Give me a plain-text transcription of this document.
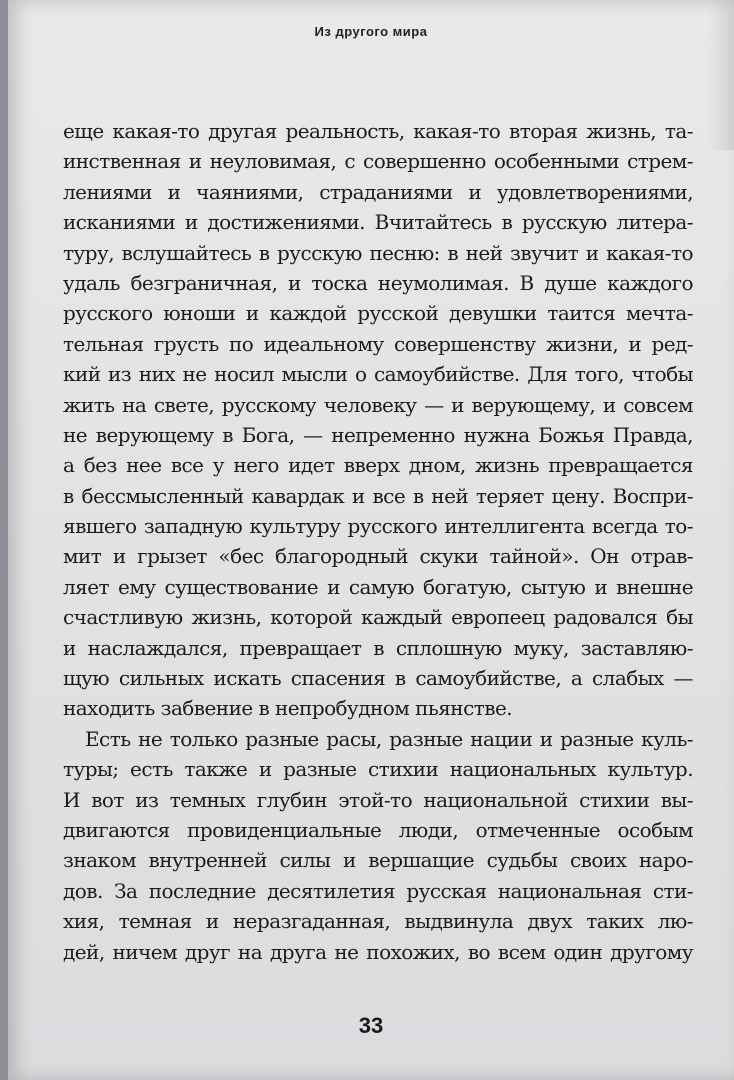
Из другого мира
еще какая-то другая реальность, какая-то вторая жизнь, та-
инственная и неуловимая, с совершенно особенными стрем-
лениями и чаяниями, страданиями и удовлетворениями,
исканиями и достижениями. Вчитайтесь в русскую литера-
туру, вслушайтесь в русскую песню: в ней звучит и какая-то
удаль безграничная, и тоска неумолимая. В душе каждого
русского юноши и каждой русской девушки таится мечта-
тельная грусть по идеальному совершенству жизни, и ред-
кий из них не носил мысли о самоубийстве. Для того, чтобы
жить на свете, русскому человеку — и верующему, и совсем
не верующему в Бога, — непременно нужна Божья Правда,
а без нее все у него идет вверх дном, жизнь превращается
в бессмысленный кавардак и все в ней теряет цену. Воспри-
явшего западную культуру русского интеллигента всегда то-
мит и грызет «бес благородный скуки тайной». Он отрав-
ляет ему существование и самую богатую, сытую и внешне
счастливую жизнь, которой каждый европеец радовался бы
и наслаждался, превращает в сплошную муку, заставляю-
щую сильных искать спасения в самоубийстве, а слабых —
находить забвение в непробудном пьянстве.
Есть не только разные расы, разные нации и разные куль-
туры; есть также и разные стихии национальных культур.
И вот из темных глубин этой-то национальной стихии вы-
двигаются провиденциальные люди, отмеченные особым
знаком внутренней силы и вершащие судьбы своих наро-
дов. За последние десятилетия русская национальная сти-
хия, темная и неразгаданная, выдвинула двух таких лю-
дей, ничем друг на друга не похожих, во всем один другому
33
